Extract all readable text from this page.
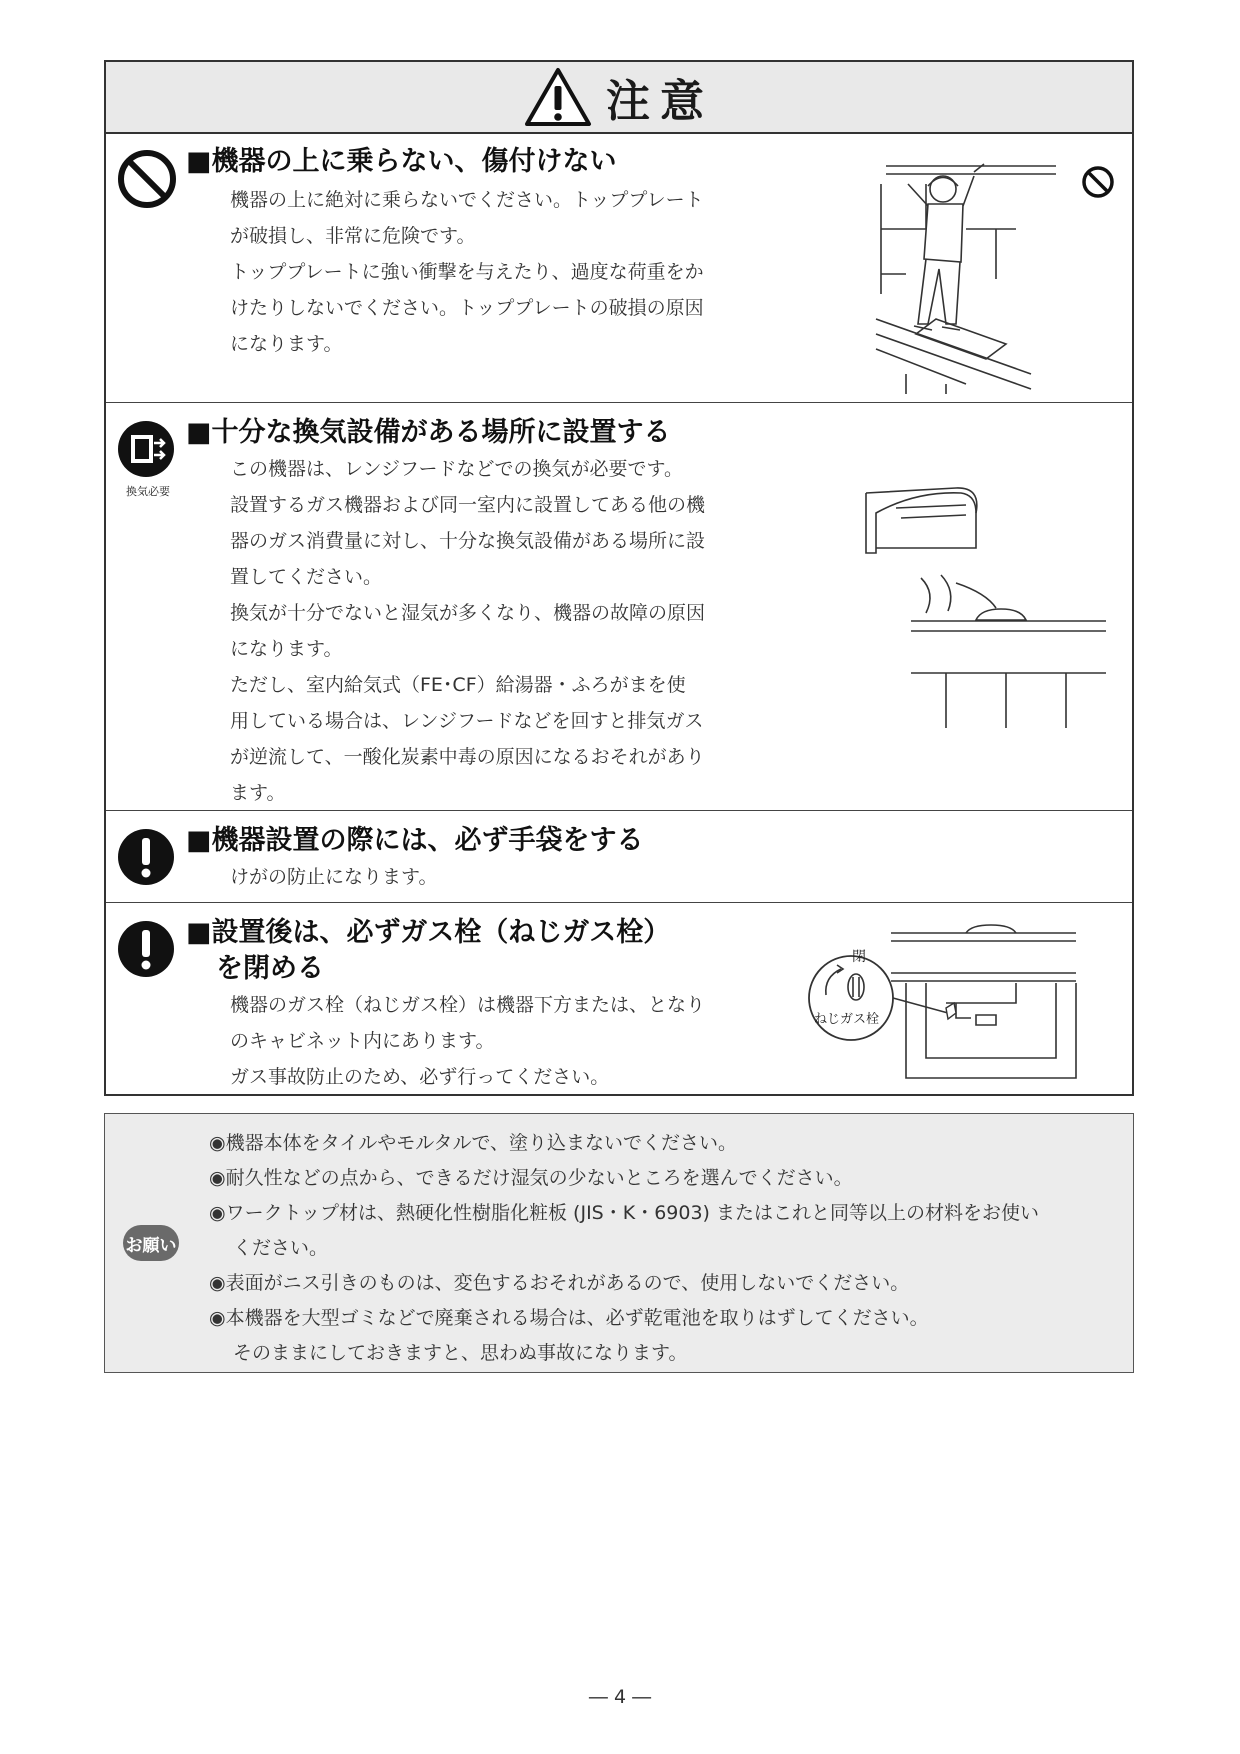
注意
■機器の上に乗らない、傷付けない

機器の上に絶対に乗らないでください。トッププレート

が破損し、非常に危険です。

トッププレートに強い衝撃を与えたり、過度な荷重をか

けたりしないでください。トッププレートの破損の原因

になります。

換気必要
■十分な換気設備がある場所に設置する

この機器は、レンジフードなどでの換気が必要です。

設置するガス機器および同一室内に設置してある他の機

器のガス消費量に対し、十分な換気設備がある場所に設

置してください。

換気が十分でないと湿気が多くなり、機器の故障の原因

になります。

ただし、室内給気式（FE･CF）給湯器・ふろがまを使

用している場合は、レンジフードなどを回すと排気ガス

が逆流して、一酸化炭素中毒の原因になるおそれがあり

ます。

■機器設置の際には、必ず手袋をする

けがの防止になります。

■設置後は、必ずガス栓（ねじガス栓）
を閉める

機器のガス栓（ねじガス栓）は機器下方または、となり

のキャビネット内にあります。

ガス事故防止のため、必ず行ってください。

閉
ねじガス栓
お願い

◉機器本体をタイルやモルタルで、塗り込まないでください。

◉耐久性などの点から、できるだけ湿気の少ないところを選んでください。

◉ワークトップ材は、熱硬化性樹脂化粧板 (JIS・K・6903) またはこれと同等以上の材料をお使い

ください。

◉表面がニス引きのものは、変色するおそれがあるので、使用しないでください。

◉本機器を大型ゴミなどで廃棄される場合は、必ず乾電池を取りはずしてください。

そのままにしておきますと、思わぬ事故になります。

― 4 ―
